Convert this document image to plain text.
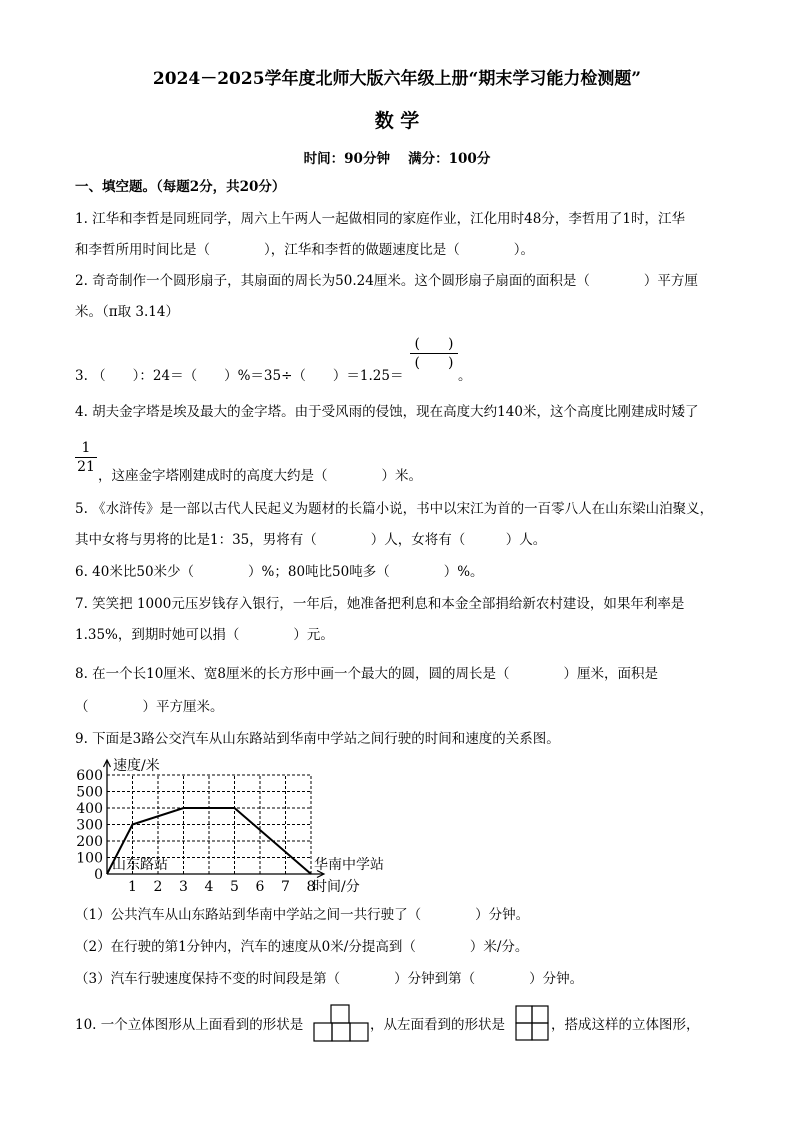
2024－2025学年度北师大版六年级上册“期末学习能力检测题”
数 学
时间：90分钟　 满分：100分
一、填空题。（每题2分，共20分）
1. 江华和李哲是同班同学，周六上午两人一起做相同的家庭作业，江化用时48分，李哲用了1时，江华
和李哲所用时间比是（　　　　），江华和李哲的做题速度比是（　　　　）。
2. 奇奇制作一个圆形扇子，其扇面的周长为50.24厘米。这个圆形扇子扇面的面积是（　　　　）平方厘
米。（π取 3.14）
3. （　　）：24＝（　　）%＝35÷（　　）＝1.25＝
(　　)
(　　)
。
4. 胡夫金字塔是埃及最大的金字塔。由于受风雨的侵蚀，现在高度大约140米，这个高度比刚建成时矮了
$\frac{1}{21}$ ，这座金字塔刚建成时的高度大约是（　　　　）米。
5. 《水浒传》是一部以古代人民起义为题材的长篇小说，书中以宋江为首的一百零八人在山东梁山泊聚义，
其中女将与男将的比是1：35，男将有（　　　　）人，女将有（　　　）人。
6. 40米比50米少（　　　　）%；80吨比50吨多（　　　　）%。
7. 笑笑把 1000元压岁钱存入银行，一年后，她准备把利息和本金全部捐给新农村建设，如果年利率是
1.35%，到期时她可以捐（　　　　）元。
8. 在一个长10厘米、宽8厘米的长方形中画一个最大的圆，圆的周长是（　　　　）厘米，面积是
（　　　　）平方厘米。
9. 下面是3路公交汽车从山东路站到华南中学站之间行驶的时间和速度的关系图。
0
100
200
300
400
500
600
1 2 3 4 5 6 7 8
速度/米
时间/分
山东路站	华南中学站
（1）公共汽车从山东路站到华南中学站之间一共行驶了（　　　　）分钟。
（2）在行驶的第1分钟内，汽车的速度从0米/分提高到（　　　　）米/分。
（3）汽车行驶速度保持不变的时间段是第（　　　　）分钟到第（　　　　）分钟。
10. 一个立体图形从上面看到的形状是	，从左面看到的形状是	，搭成这样的立体图形，
